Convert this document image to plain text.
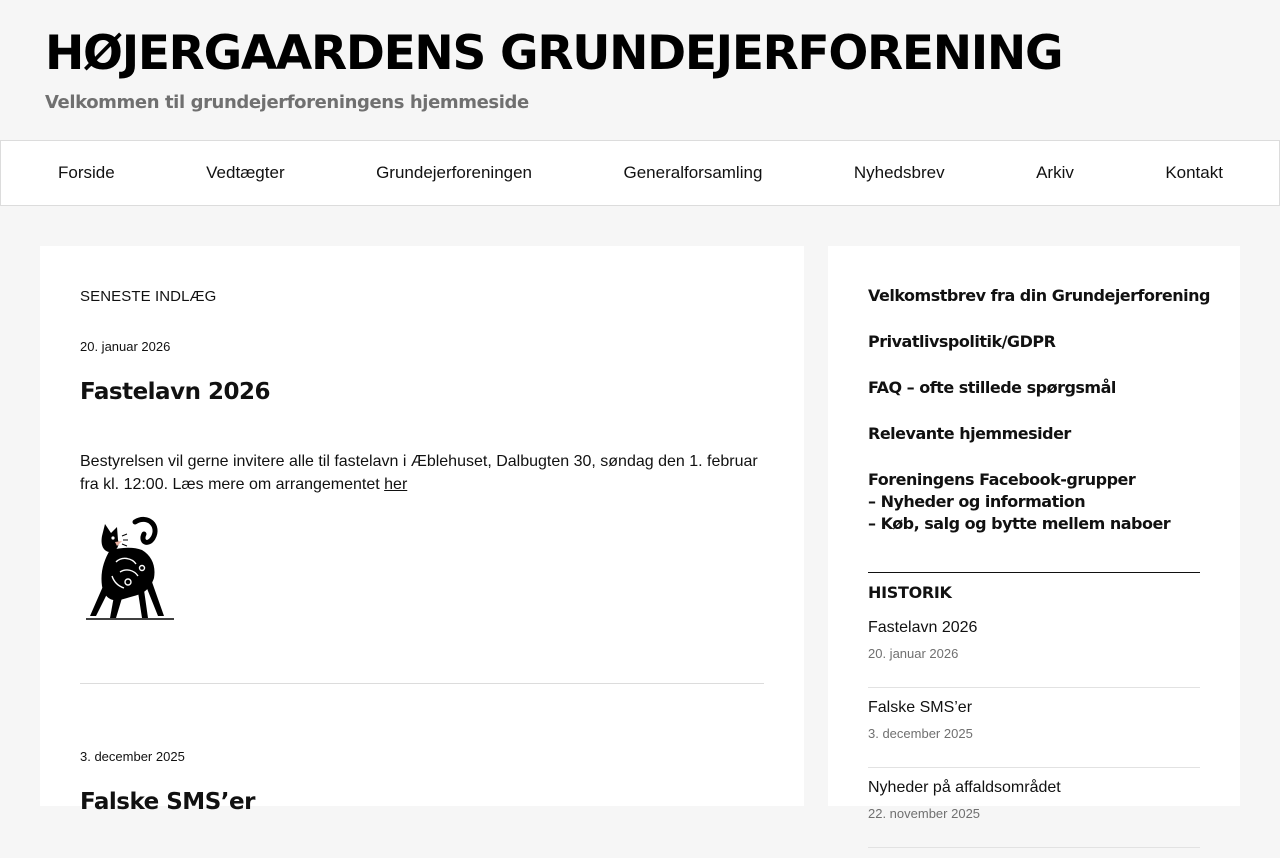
HØJERGAARDENS GRUNDEJERFORENING
Velkommen til grundejerforeningens hjemmeside
Forside	Vedtægter	Grundejerforeningen	Generalforsamling	Nyhedsbrev	Arkiv	Kontakt
SENESTE INDLÆG
20. januar 2026
Fastelavn 2026

Bestyrelsen vil gerne invitere alle til fastelavn i Æblehuset, Dalbugten 30, søndag den 1. februar fra kl. 12:00. Læs mere om arrangementet her

3. december 2025
Falske SMS’er
Velkomstbrev fra din Grundejerforening
Privatlivspolitik/GDPR
FAQ – ofte stillede spørgsmål
Relevante hjemmesider
Foreningens Facebook-grupper
– Nyheder og information
– Køb, salg og bytte mellem naboer
HISTORIK
Fastelavn 2026
20. januar 2026
Falske SMS’er
3. december 2025
Nyheder på affaldsområdet
22. november 2025
